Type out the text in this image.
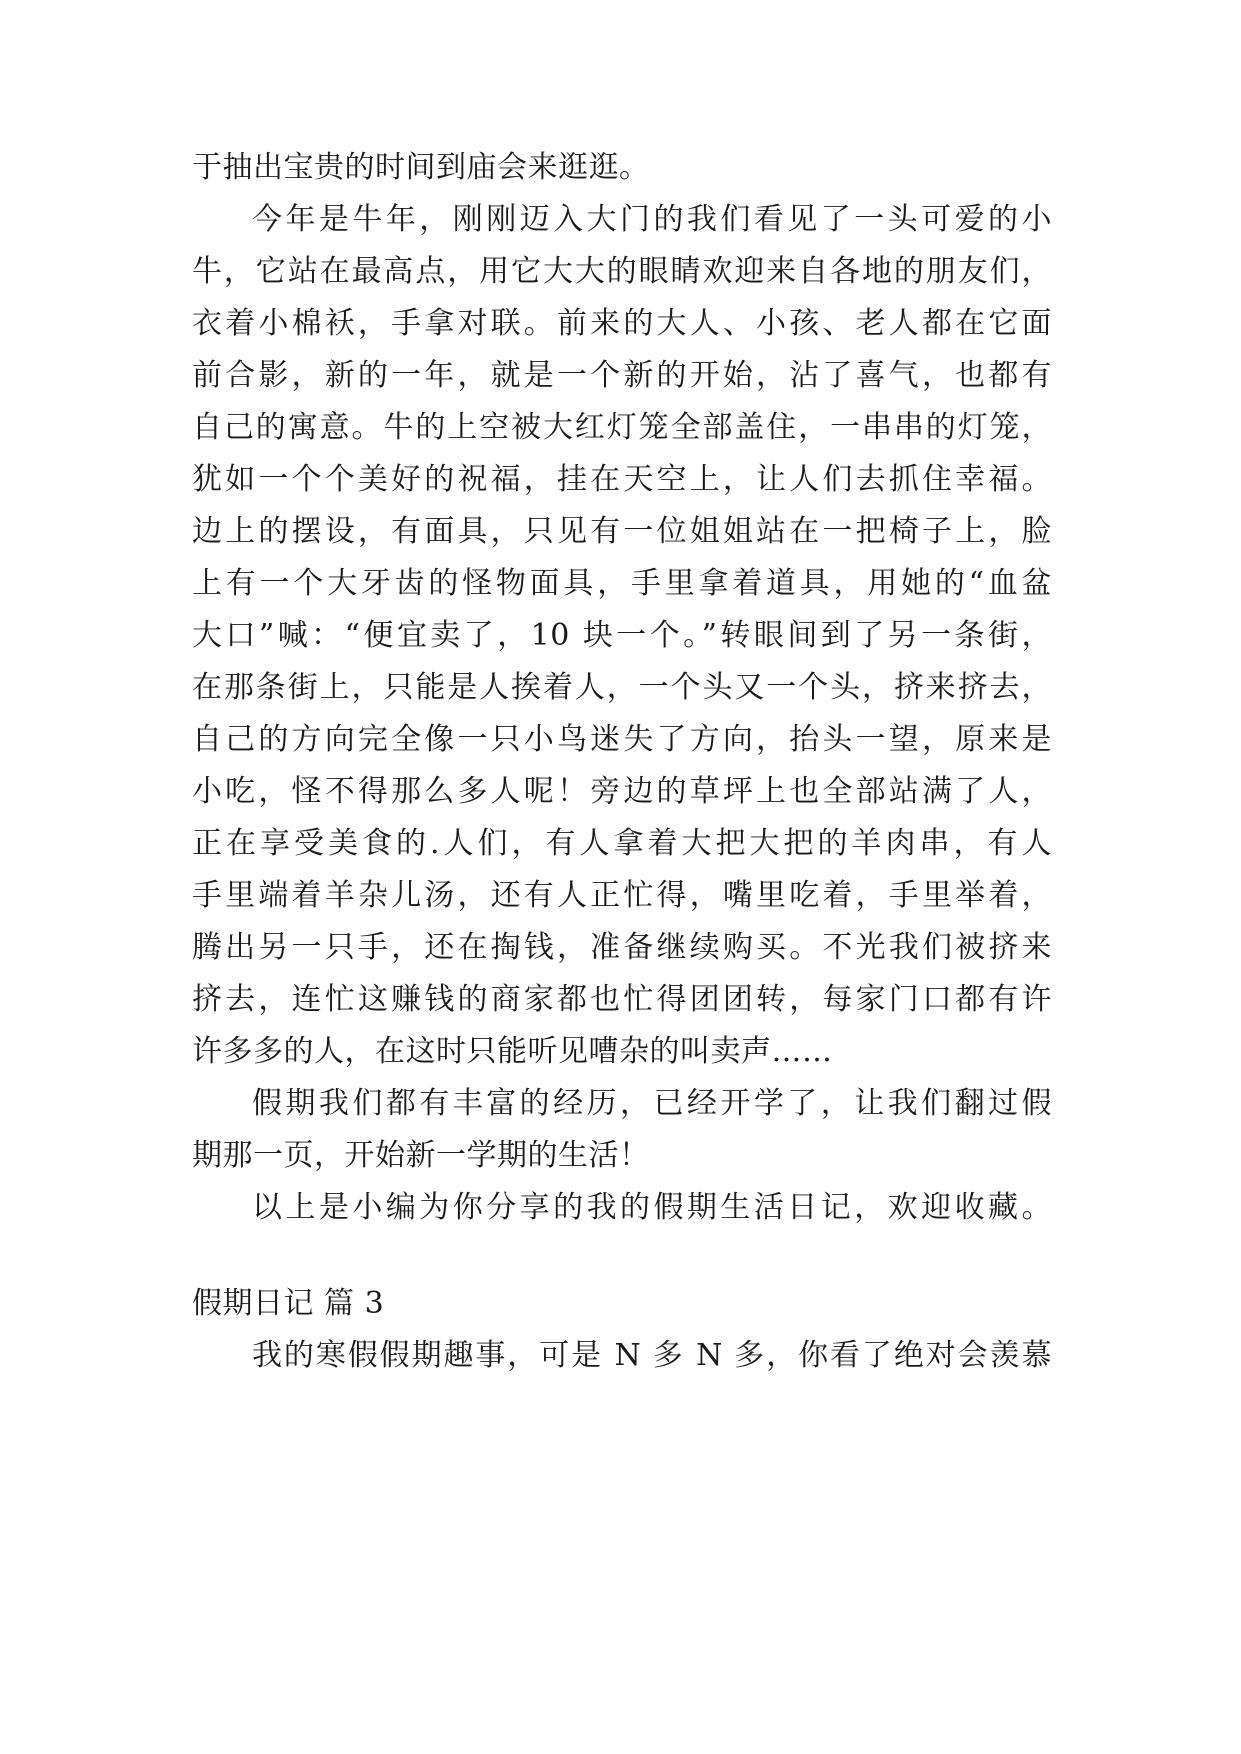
于抽出宝贵的时间到庙会来逛逛。
今年是牛年，刚刚迈入大门的我们看见了一头可爱的小
牛，它站在最高点，用它大大的眼睛欢迎来自各地的朋友们，
衣着小棉袄，手拿对联。前来的大人、小孩、老人都在它面
前合影，新的一年，就是一个新的开始，沾了喜气，也都有
自己的寓意。牛的上空被大红灯笼全部盖住，一串串的灯笼，
犹如一个个美好的祝福，挂在天空上，让人们去抓住幸福。
边上的摆设，有面具，只见有一位姐姐站在一把椅子上，脸
上有一个大牙齿的怪物面具，手里拿着道具，用她的“血盆
大口”喊：“便宜卖了，10 块一个。”转眼间到了另一条街，
在那条街上，只能是人挨着人，一个头又一个头，挤来挤去，
自己的方向完全像一只小鸟迷失了方向，抬头一望，原来是
小吃，怪不得那么多人呢！旁边的草坪上也全部站满了人，
正在享受美食的.人们，有人拿着大把大把的羊肉串，有人
手里端着羊杂儿汤，还有人正忙得，嘴里吃着，手里举着，
腾出另一只手，还在掏钱，准备继续购买。不光我们被挤来
挤去，连忙这赚钱的商家都也忙得团团转，每家门口都有许
许多多的人，在这时只能听见嘈杂的叫卖声……
假期我们都有丰富的经历，已经开学了，让我们翻过假
期那一页，开始新一学期的生活！
以上是小编为你分享的我的假期生活日记，欢迎收藏。
假期日记 篇 3
我的寒假假期趣事，可是 N 多 N 多，你看了绝对会羡慕
